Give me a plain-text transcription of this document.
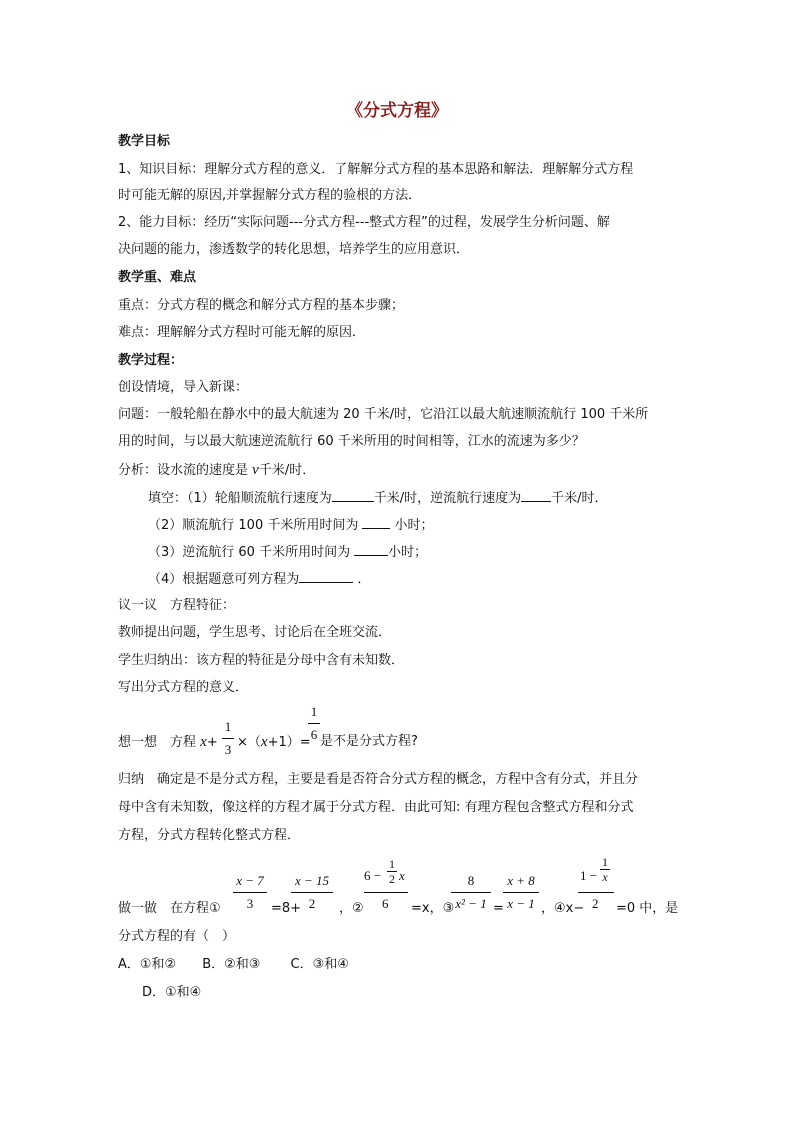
《分式方程》
教学目标
1、知识目标：理解分式方程的意义．了解解分式方程的基本思路和解法．理解解分式方程
时可能无解的原因,并掌握解分式方程的验根的方法．
2、能力目标：经历“实际问题---分式方程---整式方程”的过程，发展学生分析问题、解
决问题的能力，渗透数学的转化思想，培养学生的应用意识．
教学重、难点
重点：分式方程的概念和解分式方程的基本步骤；
难点：理解解分式方程时可能无解的原因．
教学过程：
创设情境，导入新课：
问题：一般轮船在静水中的最大航速为 20 千米/时，它沿江以最大航速顺流航行 100 千米所
用的时间，与以最大航速逆流航行 60 千米所用的时间相等，江水的流速为多少？
分析：设水流的速度是 v千米/时．
填空：（1）轮船顺流航行速度为	千米/时，逆流航行速度为 千米/时．
（2）顺流航行 100 千米所用时间为 小时；
（3）逆流航行 60 千米所用时间为	小时；
（4）根据题意可列方程为	．
议一议　方程特征：
教师提出问题，学生思考、讨论后在全班交流．
学生归纳出：该方程的特征是分母中含有未知数．
写出分式方程的意义．
想一想　方程 x+
1
3 ×（x+1）=
1
6 是不是分式方程?
归纳　确定是不是分式方程，主要是看是否符合分式方程的概念，方程中含有分式，并且分
母中含有未知数，像这样的方程才属于分式方程．由此可知: 有理方程包含整式方程和分式
方程，分式方程转化整式方程．
做一做　在方程①
x − 7
3	=8+
x − 15
2	，②
6 −
1
2 x
6 =x，③
8
x² − 1 =
x + 8
x − 1 ，④x−
1 −
1
x
2 =0 中，是
分式方程的有（　）
A．①和②　　B．②和③　　 C．③和④
D．①和④
